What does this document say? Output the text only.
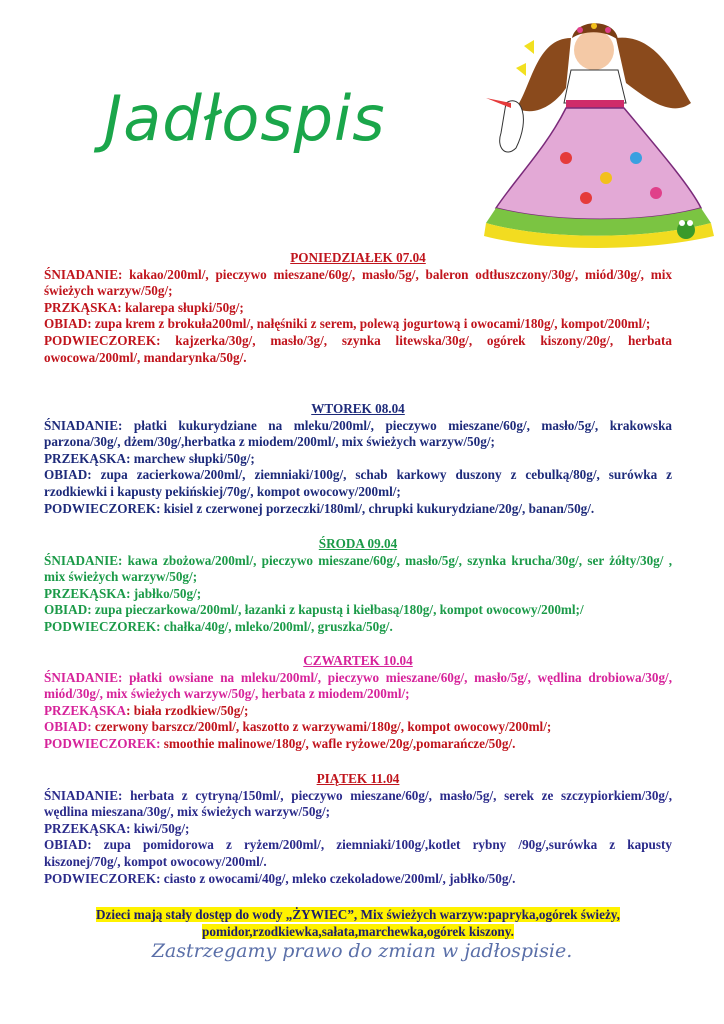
Jadłospis
PONIEDZIAŁEK 07.04

ŚNIADANIE: kakao/200ml/, pieczywo mieszane/60g/, masło/5g/, baleron odtłuszczony/30g/, miód/30g/, mix świeżych warzyw/50g/;

PRZKĄSKA: kalarepa słupki/50g/;

OBIAD: zupa krem z brokuła200ml/, nałęśniki z serem, polewą jogurtową i owocami/180g/, kompot/200ml/;

PODWIECZOREK: kajzerka/30g/, masło/3g/, szynka litewska/30g/, ogórek kiszony/20g/, herbata owocowa/200ml/, mandarynka/50g/.

WTOREK 08.04

ŚNIADANIE: płatki kukurydziane na mleku/200ml/, pieczywo mieszane/60g/, masło/5g/, krakowska parzona/30g/, dżem/30g/,herbatka z miodem/200ml/, mix świeżych warzyw/50g/;

PRZEKĄSKA: marchew słupki/50g/;

OBIAD: zupa zacierkowa/200ml/, ziemniaki/100g/, schab karkowy duszony z cebulką/80g/, surówka z rzodkiewki i kapusty pekińskiej/70g/, kompot owocowy/200ml/;

PODWIECZOREK: kisiel z czerwonej porzeczki/180ml/, chrupki kukurydziane/20g/, banan/50g/.

ŚRODA 09.04

ŚNIADANIE: kawa zbożowa/200ml/, pieczywo mieszane/60g/, masło/5g/, szynka krucha/30g/, ser żółty/30g/ , mix świeżych warzyw/50g/;

PRZEKĄSKA: jabłko/50g/;

OBIAD: zupa pieczarkowa/200ml/, łazanki z kapustą i kiełbasą/180g/, kompot owocowy/200ml;/

PODWIECZOREK: chałka/40g/, mleko/200ml/, gruszka/50g/.

CZWARTEK 10.04

ŚNIADANIE: płatki owsiane na mleku/200ml/, pieczywo mieszane/60g/, masło/5g/, wędlina drobiowa/30g/, miód/30g/, mix świeżych warzyw/50g/, herbata z miodem/200ml/;

PRZEKĄSKA: biała rzodkiew/50g/;

OBIAD: czerwony barszcz/200ml/, kaszotto z warzywami/180g/, kompot owocowy/200ml/;

PODWIECZOREK: smoothie malinowe/180g/, wafle ryżowe/20g/,pomarańcze/50g/.

PIĄTEK 11.04

ŚNIADANIE: herbata z cytryną/150ml/, pieczywo mieszane/60g/, masło/5g/, serek ze szczypiorkiem/30g/, wędlina mieszana/30g/, mix świeżych warzyw/50g/;

PRZEKĄSKA: kiwi/50g/;

OBIAD: zupa pomidorowa z ryżem/200ml/, ziemniaki/100g/,kotlet rybny /90g/,surówka z kapusty kiszonej/70g/, kompot owocowy/200ml/.

PODWIECZOREK: ciasto z owocami/40g/, mleko czekoladowe/200ml/, jabłko/50g/.

Dzieci mają stały dostęp do wody „ŻYWIEC”, Mix świeżych warzyw:papryka,ogórek świeży,
pomidor,rzodkiewka,sałata,marchewka,ogórek kiszony.
Zastrzegamy prawo do zmian w jadłospisie.
